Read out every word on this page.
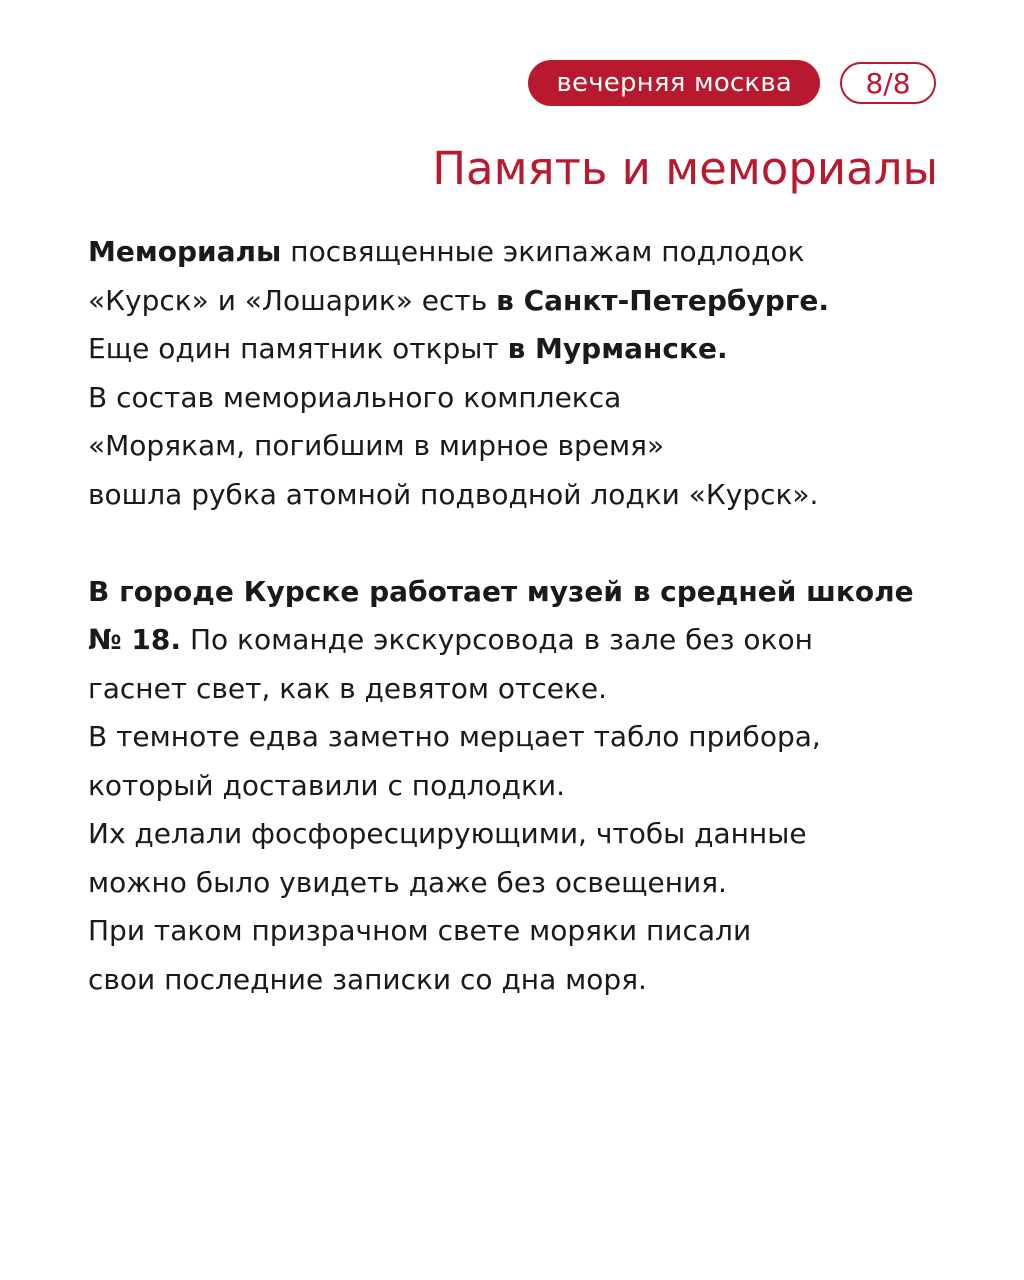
вечерняя москва	8/8
Память и мемориалы

Мемориалы посвященные экипажам подлодок
«Курск» и «Лошарик» есть в Санкт-Петербурге.
Еще один памятник открыт в Мурманске.
В состав мемориального комплекса
«Морякам, погибшим в мирное время»
вошла рубка атомной подводной лодки «Курск».

В городе Курске работает музей в средней школе
№ 18. По команде экскурсовода в зале без окон
гаснет свет, как в девятом отсеке.
В темноте едва заметно мерцает табло прибора,
который доставили с подлодки.
Их делали фосфоресцирующими, чтобы данные
можно было увидеть даже без освещения.
При таком призрачном свете моряки писали
свои последние записки со дна моря.
